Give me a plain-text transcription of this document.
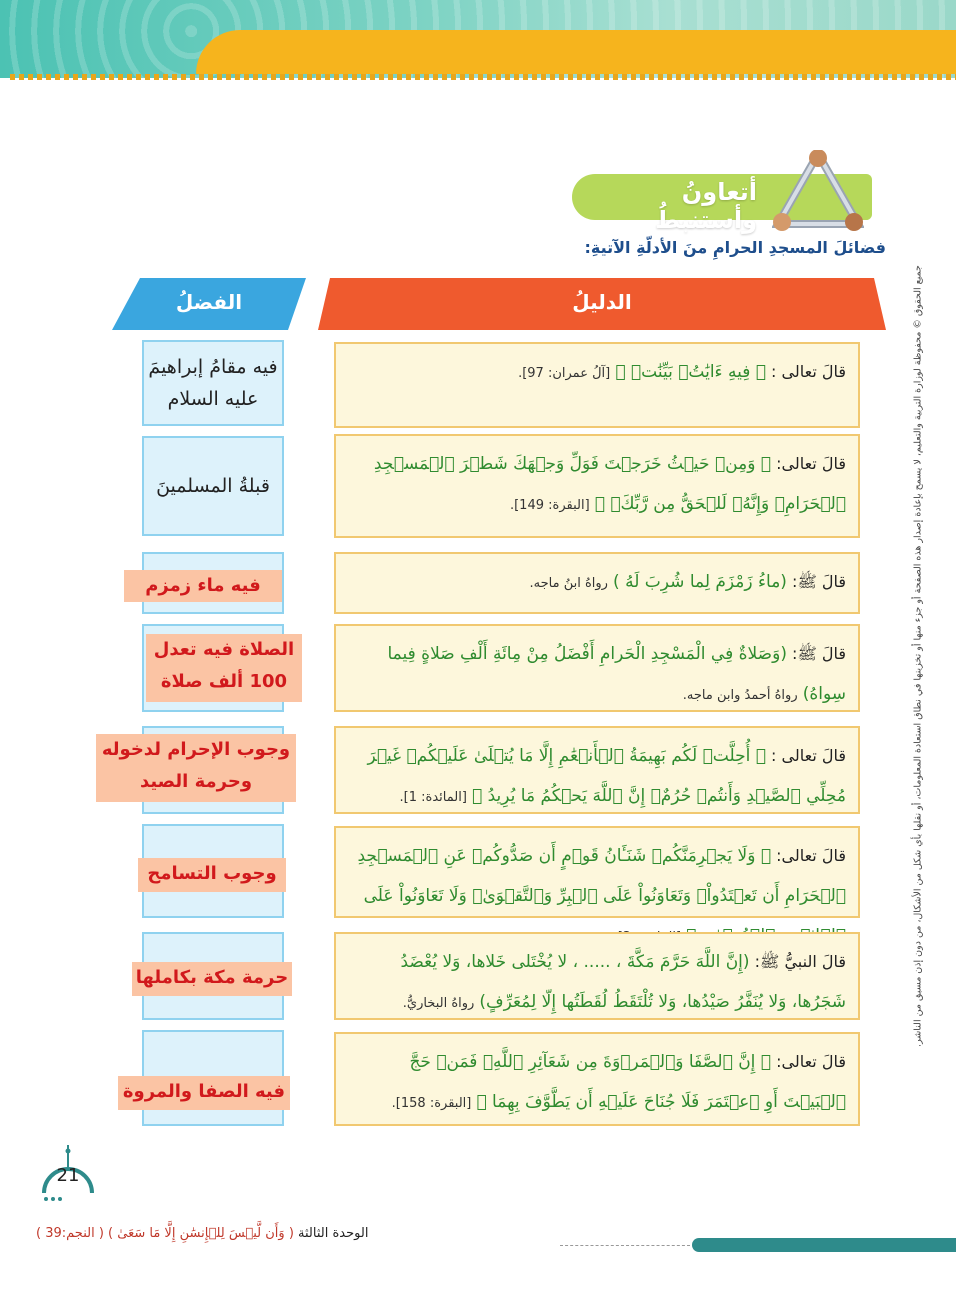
جميع الحقوق © محفوظة لوزارة التربية والتعليم، لا يسمح بإعادة إصدار هذه الصفحة أو جزء منها أو تخزينها في نطاق استعادة المعلومات، أو نقلها بأي شكل من الأشكال، من دون إذن مسبق من الناشر.
أتعاونُ وأستنبطُ
فضائلَ المسجدِ الحرامِ منَ الأدلّةِ الآتيةِ:
الفضلُ	الدليلُ
قالَ تعالى : ﴿ فِيهِ ءَايَٰتُۢ بَيِّنَٰتٞ ﴾ [آلُ عمران: 97].
فيه مقامُ إبراهيمَ عليه السلام
قالَ تعالى: ﴿ وَمِنۡ حَيۡثُ خَرَجۡتَ فَوَلِّ وَجۡهَكَ شَطۡرَ ٱلۡمَسۡجِدِ ٱلۡحَرَامِۖ وَإِنَّهُۥ لَلۡحَقُّ مِن رَّبِّكَۗ ﴾ [البقرة: 149].
قبلةُ المسلمينَ
قالَ ﷺ: (ماءُ زَمْزَمَ لِما شُرِبَ لَهُ ) رواهُ ابنُ ماجه.
فيه ماء زمزم
قالَ ﷺ: (وَصَلاةٌ فِي الْمَسْجِدِ الْحَرامِ أَفْضَلُ مِنْ مِائَةِ أَلْفِ صَلاةٍ فِيما سِواهُ) رواهُ أحمدُ وابن ماجه.
الصلاة فيه تعدل 100 ألف صلاة
قالَ تعالى : ﴿ أُحِلَّتۡ لَكُم بَهِيمَةُ ٱلۡأَنۡعَٰمِ إِلَّا مَا يُتۡلَىٰ عَلَيۡكُمۡ غَيۡرَ مُحِلِّي ٱلصَّيۡدِ وَأَنتُمۡ حُرُمٌۗ إِنَّ ٱللَّهَ يَحۡكُمُ مَا يُرِيدُ ﴾ [المائدة: 1].
وجوب الإحرام لدخوله وحرمة الصيد
قالَ تعالى: ﴿ وَلَا يَجۡرِمَنَّكُمۡ شَنَـَٔانُ قَوۡمٍ أَن صَدُّوكُمۡ عَنِ ٱلۡمَسۡجِدِ ٱلۡحَرَامِ أَن تَعۡتَدُواْۘ وَتَعَاوَنُواْ عَلَى ٱلۡبِرِّ وَٱلتَّقۡوَىٰۖ وَلَا تَعَاوَنُواْ عَلَى
وجوب التسامح
قالَ النبيُّ ﷺ: (إِنَّ اللَّهَ حَرَّمَ مَكَّةَ ، ..... ، لا يُخْتَلى خَلاها، وَلا يُعْضَدُ شَجَرُها، وَلا يُنَفَّرُ صَيْدُها، وَلا تُلْتَقَطُ لُقَطَتُها إِلّا لِمُعَرِّفٍ) رواهُ البخاريُّ.
حرمة مكة بكاملها
قالَ تعالى: ﴿ إِنَّ ٱلصَّفَا وَٱلۡمَرۡوَةَ مِن شَعَآئِرِ ٱللَّهِۖ فَمَنۡ حَجَّ ٱلۡبَيۡتَ أَوِ ٱعۡتَمَرَ فَلَا جُنَاحَ عَلَيۡهِ أَن يَطَّوَّفَ بِهِمَا ﴾ [البقرة: 158].
فيه الصفا والمروة
21
الوحدة الثالثة ( وَأَن لَّيۡسَ لِلۡإِنسَٰنِ إِلَّا مَا سَعَىٰ ) ( النجم:39 )
